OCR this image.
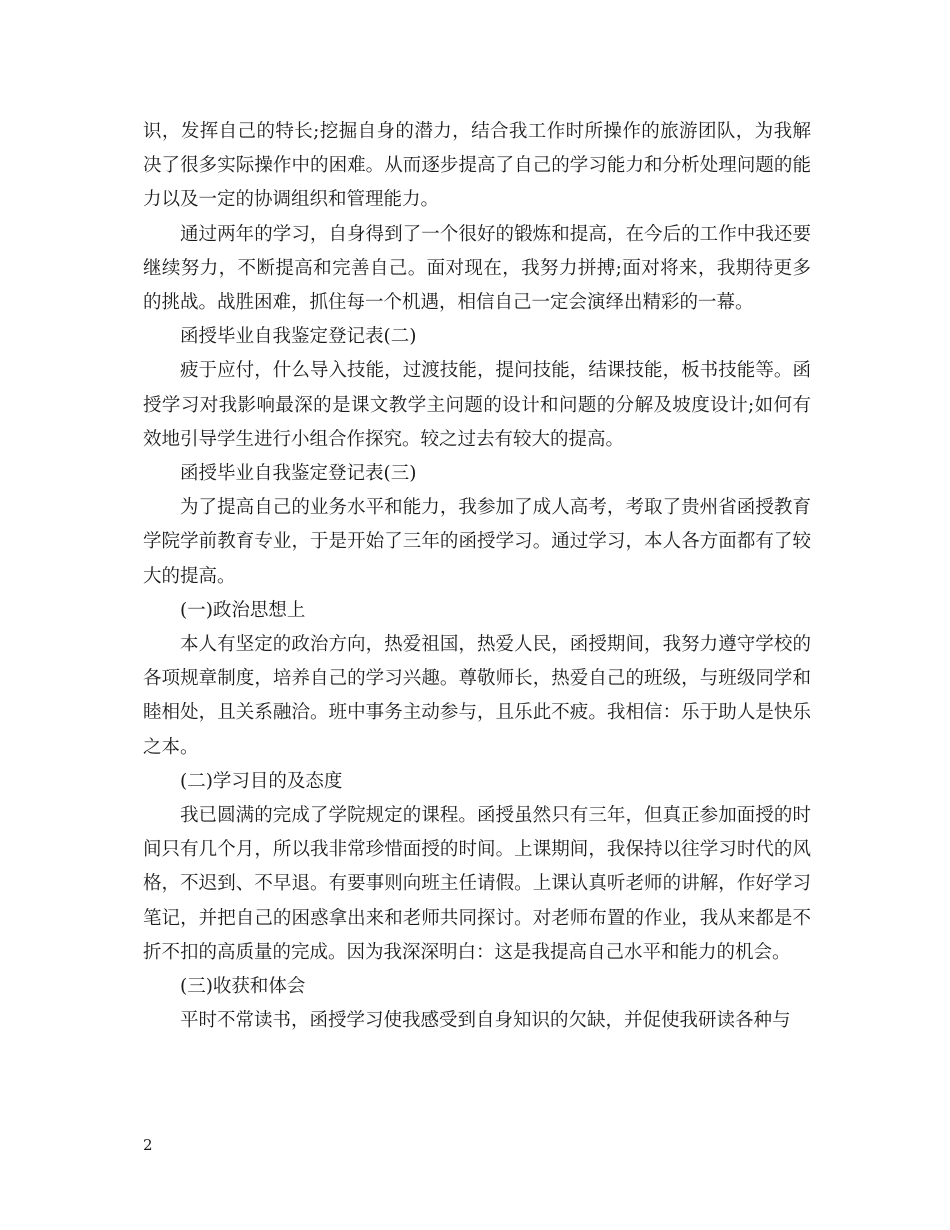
识，发挥自己的特长;挖掘自身的潜力，结合我工作时所操作的旅游团队，为我解决了很多实际操作中的困难。从而逐步提高了自己的学习能力和分析处理问题的能力以及一定的协调组织和管理能力。

通过两年的学习，自身得到了一个很好的锻炼和提高，在今后的工作中我还要继续努力，不断提高和完善自己。面对现在，我努力拼搏;面对将来，我期待更多的挑战。战胜困难，抓住每一个机遇，相信自己一定会演绎出精彩的一幕。

函授毕业自我鉴定登记表(二)

疲于应付，什么导入技能，过渡技能，提问技能，结课技能，板书技能等。函授学习对我影响最深的是课文教学主问题的设计和问题的分解及坡度设计;如何有效地引导学生进行小组合作探究。较之过去有较大的提高。

函授毕业自我鉴定登记表(三)

为了提高自己的业务水平和能力，我参加了成人高考，考取了贵州省函授教育学院学前教育专业，于是开始了三年的函授学习。通过学习，本人各方面都有了较大的提高。

(一)政治思想上

本人有坚定的政治方向，热爱祖国，热爱人民，函授期间，我努力遵守学校的各项规章制度，培养自己的学习兴趣。尊敬师长，热爱自己的班级，与班级同学和睦相处，且关系融洽。班中事务主动参与，且乐此不疲。我相信：乐于助人是快乐之本。

(二)学习目的及态度

我已圆满的完成了学院规定的课程。函授虽然只有三年，但真正参加面授的时间只有几个月，所以我非常珍惜面授的时间。上课期间，我保持以往学习时代的风格，不迟到、不早退。有要事则向班主任请假。上课认真听老师的讲解，作好学习笔记，并把自己的困惑拿出来和老师共同探讨。对老师布置的作业，我从来都是不折不扣的高质量的完成。因为我深深明白：这是我提高自己水平和能力的机会。

(三)收获和体会

平时不常读书，函授学习使我感受到自身知识的欠缺，并促使我研读各种与

2
